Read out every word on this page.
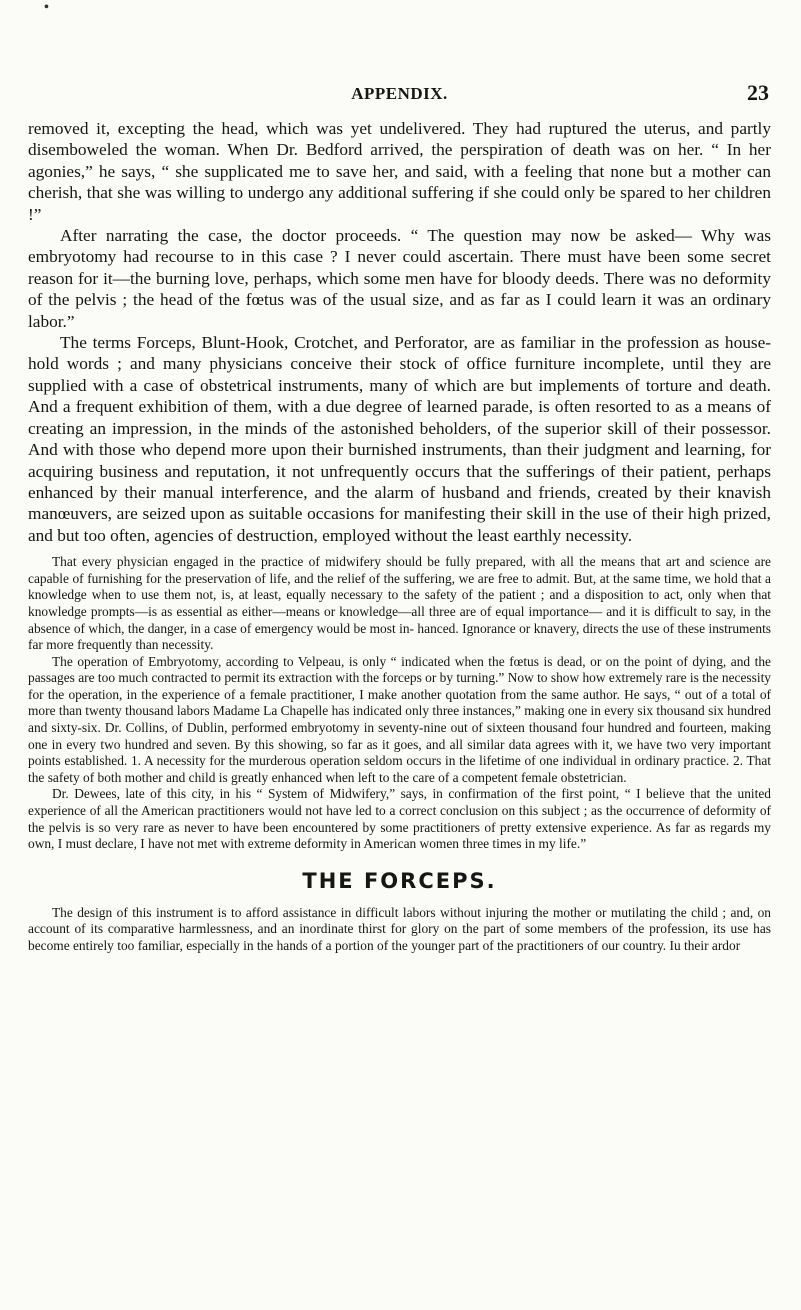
•
APPENDIX.	23

removed it, excepting the head, which was yet undelivered. They had ruptured the uterus, and partly disemboweled the woman. When Dr. Bedford arrived, the perspiration of death was on her. “ In her agonies,” he says, “ she supplicated me to save her, and said, with a feeling that none but a mother can cherish, that she was willing to undergo any additional suffering if she could only be spared to her children !”

After narrating the case, the doctor proceeds. “ The question may now be asked— Why was embryotomy had recourse to in this case ? I never could ascertain. There must have been some secret reason for it—the burning love, perhaps, which some men have for bloody deeds. There was no deformity of the pelvis ; the head of the fœtus was of the usual size, and as far as I could learn it was an ordinary labor.”

The terms Forceps, Blunt-Hook, Crotchet, and Perforator, are as familiar in the profession as house-hold words ; and many physicians conceive their stock of office furniture incomplete, until they are supplied with a case of obstetrical instruments, many of which are but implements of torture and death. And a frequent exhibition of them, with a due degree of learned parade, is often resorted to as a means of creating an impression, in the minds of the astonished beholders, of the superior skill of their possessor. And with those who depend more upon their burnished instruments, than their judgment and learning, for acquiring business and reputation, it not unfrequently occurs that the sufferings of their patient, perhaps enhanced by their manual interference, and the alarm of husband and friends, created by their knavish manœuvers, are seized upon as suitable occasions for manifesting their skill in the use of their high prized, and but too often, agencies of destruction, employed without the least earthly necessity.

That every physician engaged in the practice of midwifery should be fully prepared, with all the means that art and science are capable of furnishing for the preservation of life, and the relief of the suffering, we are free to admit. But, at the same time, we hold that a knowledge when to use them not, is, at least, equally necessary to the safety of the patient ; and a disposition to act, only when that knowledge prompts—is as essential as either—means or knowledge—all three are of equal importance— and it is difficult to say, in the absence of which, the danger, in a case of emergency would be most in- hanced. Ignorance or knavery, directs the use of these instruments far more frequently than necessity.

The operation of Embryotomy, according to Velpeau, is only “ indicated when the fœtus is dead, or on the point of dying, and the passages are too much contracted to permit its extraction with the forceps or by turning.” Now to show how extremely rare is the necessity for the operation, in the experience of a female practitioner, I make another quotation from the same author. He says, “ out of a total of more than twenty thousand labors Madame La Chapelle has indicated only three instances,” making one in every six thousand six hundred and sixty-six. Dr. Collins, of Dublin, performed embryotomy in seventy-nine out of sixteen thousand four hundred and fourteen, making one in every two hundred and seven. By this showing, so far as it goes, and all similar data agrees with it, we have two very important points established. 1. A necessity for the murderous operation seldom occurs in the lifetime of one individual in ordinary practice. 2. That the safety of both mother and child is greatly enhanced when left to the care of a competent female obstetrician.

Dr. Dewees, late of this city, in his “ System of Midwifery,” says, in confirmation of the first point, “ I believe that the united experience of all the American practitioners would not have led to a correct conclusion on this subject ; as the occurrence of deformity of the pelvis is so very rare as never to have been encountered by some practitioners of pretty extensive experience. As far as regards my own, I must declare, I have not met with extreme deformity in American women three times in my life.”

THE FORCEPS.

The design of this instrument is to afford assistance in difficult labors without injuring the mother or mutilating the child ; and, on account of its comparative harmlessness, and an inordinate thirst for glory on the part of some members of the profession, its use has become entirely too familiar, especially in the hands of a portion of the younger part of the practitioners of our country. Iu their ardor
